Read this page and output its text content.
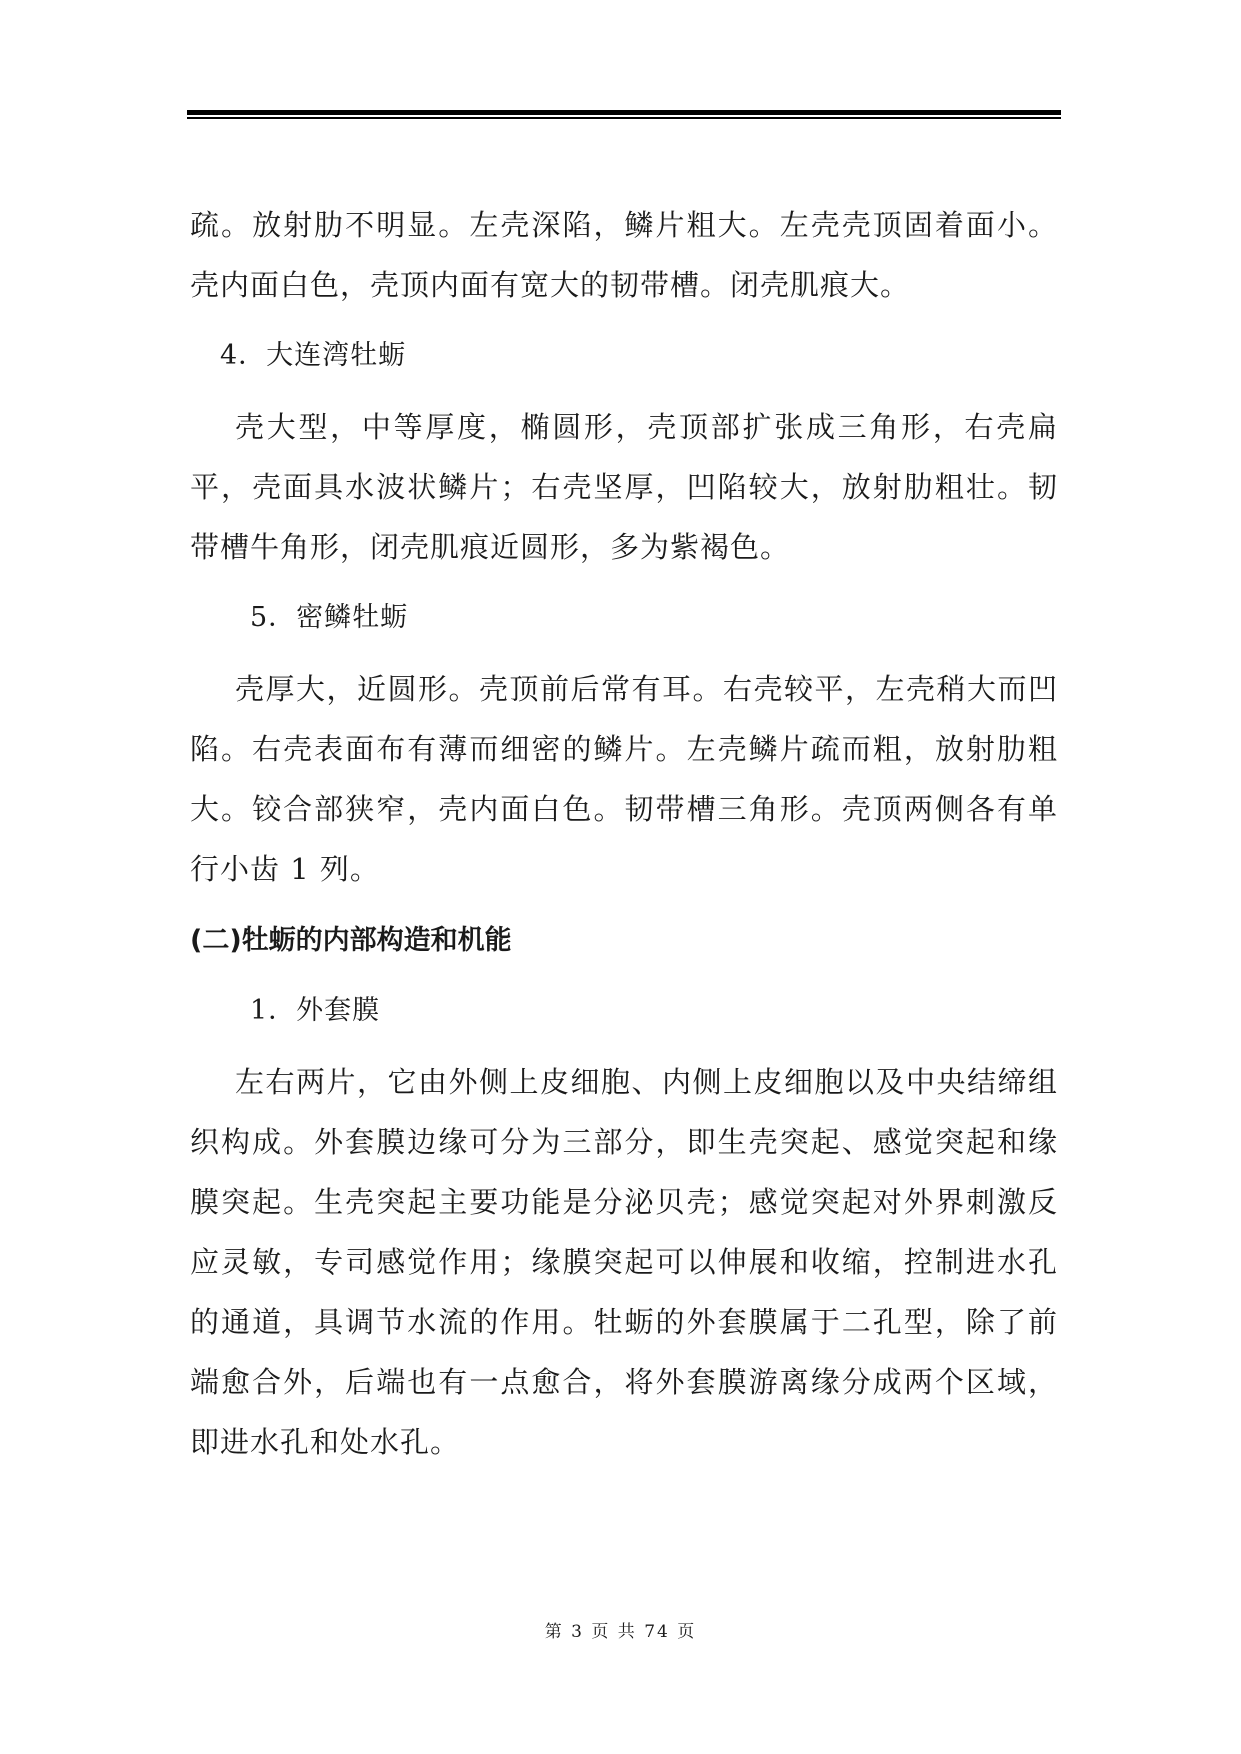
疏。放射肋不明显。左壳深陷，鳞片粗大。左壳壳顶固着面小。壳内面白色，壳顶内面有宽大的韧带槽。闭壳肌痕大。

4．大连湾牡蛎

壳大型，中等厚度，椭圆形，壳顶部扩张成三角形，右壳扁平，壳面具水波状鳞片；右壳坚厚，凹陷较大，放射肋粗壮。韧带槽牛角形，闭壳肌痕近圆形，多为紫褐色。

5．密鳞牡蛎

壳厚大，近圆形。壳顶前后常有耳。右壳较平，左壳稍大而凹陷。右壳表面布有薄而细密的鳞片。左壳鳞片疏而粗，放射肋粗大。铰合部狭窄，壳内面白色。韧带槽三角形。壳顶两侧各有单行小齿 1 列。

(二)牡蛎的内部构造和机能
1．外套膜

左右两片，它由外侧上皮细胞、内侧上皮细胞以及中央结缔组织构成。外套膜边缘可分为三部分，即生壳突起、感觉突起和缘膜突起。生壳突起主要功能是分泌贝壳；感觉突起对外界刺激反应灵敏，专司感觉作用；缘膜突起可以伸展和收缩，控制进水孔的通道，具调节水流的作用。牡蛎的外套膜属于二孔型，除了前端愈合外，后端也有一点愈合，将外套膜游离缘分成两个区域，即进水孔和处水孔。

第 3 页 共 74 页
